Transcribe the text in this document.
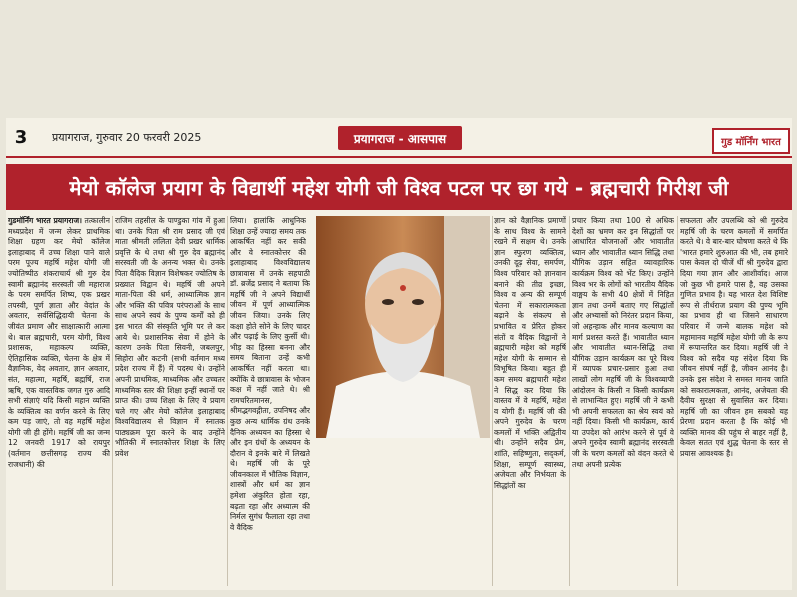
3 प्रयागराज, गुरुवार 20 फरवरी 2025	प्रयागराज - आसपास	गुड मॉर्निंग भारत
मेयो कॉलेज प्रयाग के विद्यार्थी महेश योगी जी विश्व पटल पर छा गये - ब्रह्मचारी गिरीश जी
गुडमॉर्निंग भारत प्रयागराज। तत्कालीन मध्यप्रदेश में जन्म लेकर प्राथमिक शिक्षा ग्रहण कर मेयो कॉलेज इलाहाबाद में उच्च शिक्षा पाने वाले परम पूज्य महर्षि महेश योगी जी ज्योतिष्पीठ शंकराचार्य श्री गुरु देव स्वामी ब्रह्मानंद सरस्वती जी महाराज के परम समर्पित शिष्य, एक प्रखर तपस्वी, पूर्ण ज्ञाता और वेदांत के अवतार, सर्वसिद्धिदायी चेतना के जीवंत प्रमाण और साक्षात्कारी आत्मा थे। बाल ब्रह्मचारी, परम योगी, विश्व प्रशासक, महाकल्प व्यक्ति, ऐतिहासिक व्यक्ति, चेतना के क्षेत्र में वैज्ञानिक, वेद अवतार, ज्ञान अवतार, संत, महात्मा, महर्षि, ब्रह्मर्षि, राज ऋषि, एक वास्तविक जगत गुरु आदि सभी संज्ञाएं यदि किसी महान व्यक्ति के व्यक्तित्व का वर्णन करने के लिए कम पड़ जाएं, तो वह महर्षि महेश योगी जी ही होंगे। महर्षि जी का जन्म 12 जनवरी 1917 को रायपुर (वर्तमान छत्तीसगढ़ राज्य की राजधानी) की
राजिम तहसील के पाण्डुका गांव में हुआ था। उनके पिता श्री राम प्रसाद जी एवं माता श्रीमती ललिता देवी प्रखर धार्मिक प्रवृत्ति के थे तथा श्री गुरु देव ब्रह्मानंद सरस्वती जी के अनन्य भक्त थे। उनके पिता वैदिक विज्ञान विशेषकर ज्योतिष के प्रख्यात विद्वान थे। महर्षि जी अपने माता-पिता की धर्म, आध्यात्मिक ज्ञान और भक्ति की पवित्र परंपराओं के साथ साथ अपने स्वयं के पुण्य कर्मों को ही इस भारत की संस्कृति भूमि पर ले कर आये थे। प्रशासनिक सेवा में होने के कारण उनके पिता सिवनी, जबलपुर, सिहोरा और कटनी (सभी वर्तमान मध्य प्रदेश राज्य में हैं) में पदस्थ थे। उन्होंने अपनी प्राथमिक, माध्यमिक और उच्चतर माध्यमिक स्तर की शिक्षा इन्हीं स्थानों पर प्राप्त की। उच्च शिक्षा के लिए वे प्रयाग चले गए और मेयो कॉलेज इलाहाबाद विश्वविद्यालय से विज्ञान में स्नातक पाठ्यक्रम पूरा करने के बाद उन्होंने भौतिकी में स्नातकोत्तर शिक्षा के लिए प्रवेश
लिया। हालांकि आधुनिक शिक्षा उन्हें ज्यादा समय तक आकर्षित नहीं कर सकी और वे स्नातकोत्तर की
इलाहाबाद विश्वविद्यालय छात्रावास में उनके सहपाठी डॉ. ब्रजेंद्र प्रसाद ने बताया कि महर्षि जी ने अपने विद्यार्थी जीवन में पूर्ण आध्यात्मिक जीवन जिया। उनके लिए कक्षा होते सोने के लिए चादर और पढ़ाई के लिए कुर्सी थी। भीड़ का हिस्सा बनना और समय बिताना उन्हें कभी आकर्षित नहीं करता था। क्योंकि वे छात्रावास के भोजन कक्ष में नहीं जाते थे। श्री रामचरितमानस, श्रीमद्भगवद्गीता, उपनिषद और कुछ अन्य धार्मिक ग्रंथ उनके दैनिक अध्ययन का हिस्सा थे और इन ग्रंथों के अध्ययन के दौरान वे इनके बारे में लिखते थे। महर्षि जी के पूरे जीवनकाल में भौतिक विज्ञान, शास्त्रों और धर्म का ज्ञान हमेशा अंकुरित होता रहा, बढ़ता रहा और अध्यात्म की निर्मल सुगंध फैलाता रहा तथा वे वैदिक
ज्ञान को वैज्ञानिक प्रमाणों के साथ विश्व के सामने रखने में सक्षम थे। उनके ज्ञान स्फुरण व्यक्तित्व, उनकी दूढ़ सेवा, समर्पण, विश्व परिवार को ज्ञानवान बनाने की तीव्र इच्छा, विश्व व अन्य की सम्पूर्ण चेतना में सकारात्मकता बढ़ाने के संकल्प से प्रभावित व प्रेरित होकर संतों व वैदिक विद्वानों ने ब्रह्मचारी महेश को महर्षि महेश योगी के सम्मान से विभूषित किया। बहुत ही कम समय ब्रह्मचारी महेश ने सिद्ध कर दिया कि वास्तव में वे महर्षि, महेश व योगी हैं। महर्षि जी की अपने गुरुदेव के चरण कमलों में भक्ति अद्वितीय थी। उन्होंने सदैव प्रेम, शांति, सहिष्णुता, सद्कर्म, शिक्षा, सम्पूर्ण स्वास्थ्य, अजेयता और निर्भयता के सिद्धांतों का
प्रचार किया तथा 100 से अधिक देशों का भ्रमण कर इन सिद्धांतों पर आधारित योजनाओं और भावातीत ध्यान और भावातीत ध्यान सिद्धि तथा यौगिक उड़ान सहित व्यावहारिक कार्यक्रम विश्व को भेंट किए। उन्होंने विश्व भर के लोगों को भारतीय वैदिक वाङ्मय के सभी 40 क्षेत्रों में निहित ज्ञान तथा उनमें बताए गए सिद्धांतों और अभ्यासों को निरंतर प्रदान किया, जो अहन्हाक और मानव कल्याण का मार्ग प्रशस्त करते हैं। भावातीत ध्यान और भावातीत ध्यान-सिद्धि तथा यौगिक उड़ान कार्यक्रम का पूरे विश्व में व्यापक प्रचार-प्रसार हुआ तथा लाखों लोग महर्षि जी के विश्वव्यापी आंदोलन के किसी न किसी कार्यक्रम से लाभान्वित हुए। महर्षि जी ने कभी भी अपनी सफलता का श्रेय स्वयं को नहीं दिया। किसी भी कार्यक्रम, कार्य या उपदेश को आरंभ करने से पूर्व वे अपने गुरुदेव स्वामी ब्रह्मानंद सरस्वती जी के चरण कमलों को वंदन करते थे तथा अपनी प्रत्येक
सफलता और उपलब्धि को श्री गुरुदेव महर्षि जी के चरण कमलों में समर्पित करते थे। वे बार-बार घोषणा करते थे कि 'भारत हमारे शुरुआत की भी, तब हमारे पास केवल दो चीजें थीं श्री गुरुदेव द्वारा दिया गया ज्ञान और आशीर्वाद। आज जो कुछ भी हमारे पास है, वह उसका गुणित प्रभाव है। यह भारत देश विशिष्ट रूप से तीर्थराज प्रयाग की पुण्य भूमि का प्रभाव ही था जिसने साधारण परिवार में जन्मे बालक महेश को महामानव महर्षि महेश योगी जी के रूप में रूपान्तरित कर दिया। महर्षि जी ने विश्व को सदैव यह संदेश दिया कि जीवन संघर्ष नहीं है, जीवन आनंद है। उनके इस संदेश ने समस्त मानव जाति को सकारात्मकता, आनंद, अजेयता की दैवीय सुरक्षा से सुवासित कर दिया। महर्षि जी का जीवन हम सबको यह प्रेरणा प्रदान करता है कि कोई भी व्यक्ति मानव की पहुंच से बाहर नहीं है, केवल सतत एवं शुद्ध चेतना के स्तर से प्रयास आवश्यक है।
